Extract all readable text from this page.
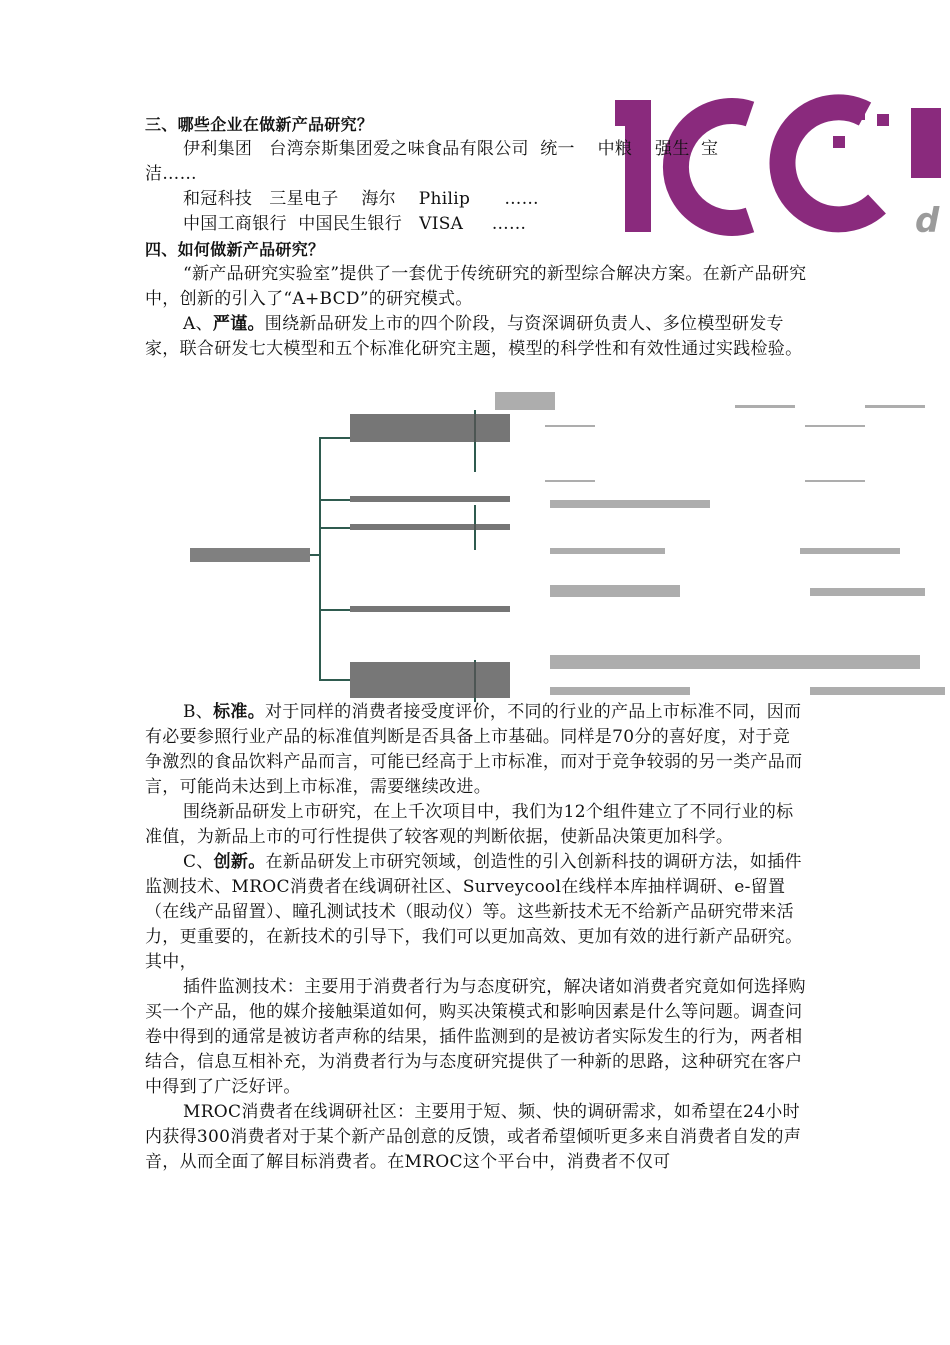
d

三、哪些企业在做新产品研究？

伊利集团   台湾奈斯集团爱之味食品有限公司  统一    中粮    强生  宝

洁……

和冠科技   三星电子    海尔    Philip      ……

中国工商银行  中国民生银行   VISA     ……

四、如何做新产品研究？

“新产品研究实验室”提供了一套优于传统研究的新型综合解决方案。在新产品研究中，创新的引入了“A+BCD”的研究模式。

A、严谨。围绕新品研发上市的四个阶段，与资深调研负责人、多位模型研发专家，联合研发七大模型和五个标准化研究主题，模型的科学性和有效性通过实践检验。

B、标准。对于同样的消费者接受度评价，不同的行业的产品上市标准不同，因而有必要参照行业产品的标准值判断是否具备上市基础。同样是70分的喜好度，对于竞争激烈的食品饮料产品而言，可能已经高于上市标准，而对于竞争较弱的另一类产品而言，可能尚未达到上市标准，需要继续改进。

围绕新品研发上市研究，在上千次项目中，我们为12个组件建立了不同行业的标准值，为新品上市的可行性提供了较客观的判断依据，使新品决策更加科学。

C、创新。在新品研发上市研究领域，创造性的引入创新科技的调研方法，如插件监测技术、MROC消费者在线调研社区、Surveycool在线样本库抽样调研、e-留置（在线产品留置）、瞳孔测试技术（眼动仪）等。这些新技术无不给新产品研究带来活力，更重要的，在新技术的引导下，我们可以更加高效、更加有效的进行新产品研究。其中，

插件监测技术：主要用于消费者行为与态度研究，解决诸如消费者究竟如何选择购买一个产品，他的媒介接触渠道如何，购买决策模式和影响因素是什么等问题。调查问卷中得到的通常是被访者声称的结果，插件监测到的是被访者实际发生的行为，两者相结合，信息互相补充，为消费者行为与态度研究提供了一种新的思路，这种研究在客户中得到了广泛好评。

MROC消费者在线调研社区：主要用于短、频、快的调研需求，如希望在24小时内获得300消费者对于某个新产品创意的反馈，或者希望倾听更多来自消费者自发的声音，从而全面了解目标消费者。在MROC这个平台中，消费者不仅可
